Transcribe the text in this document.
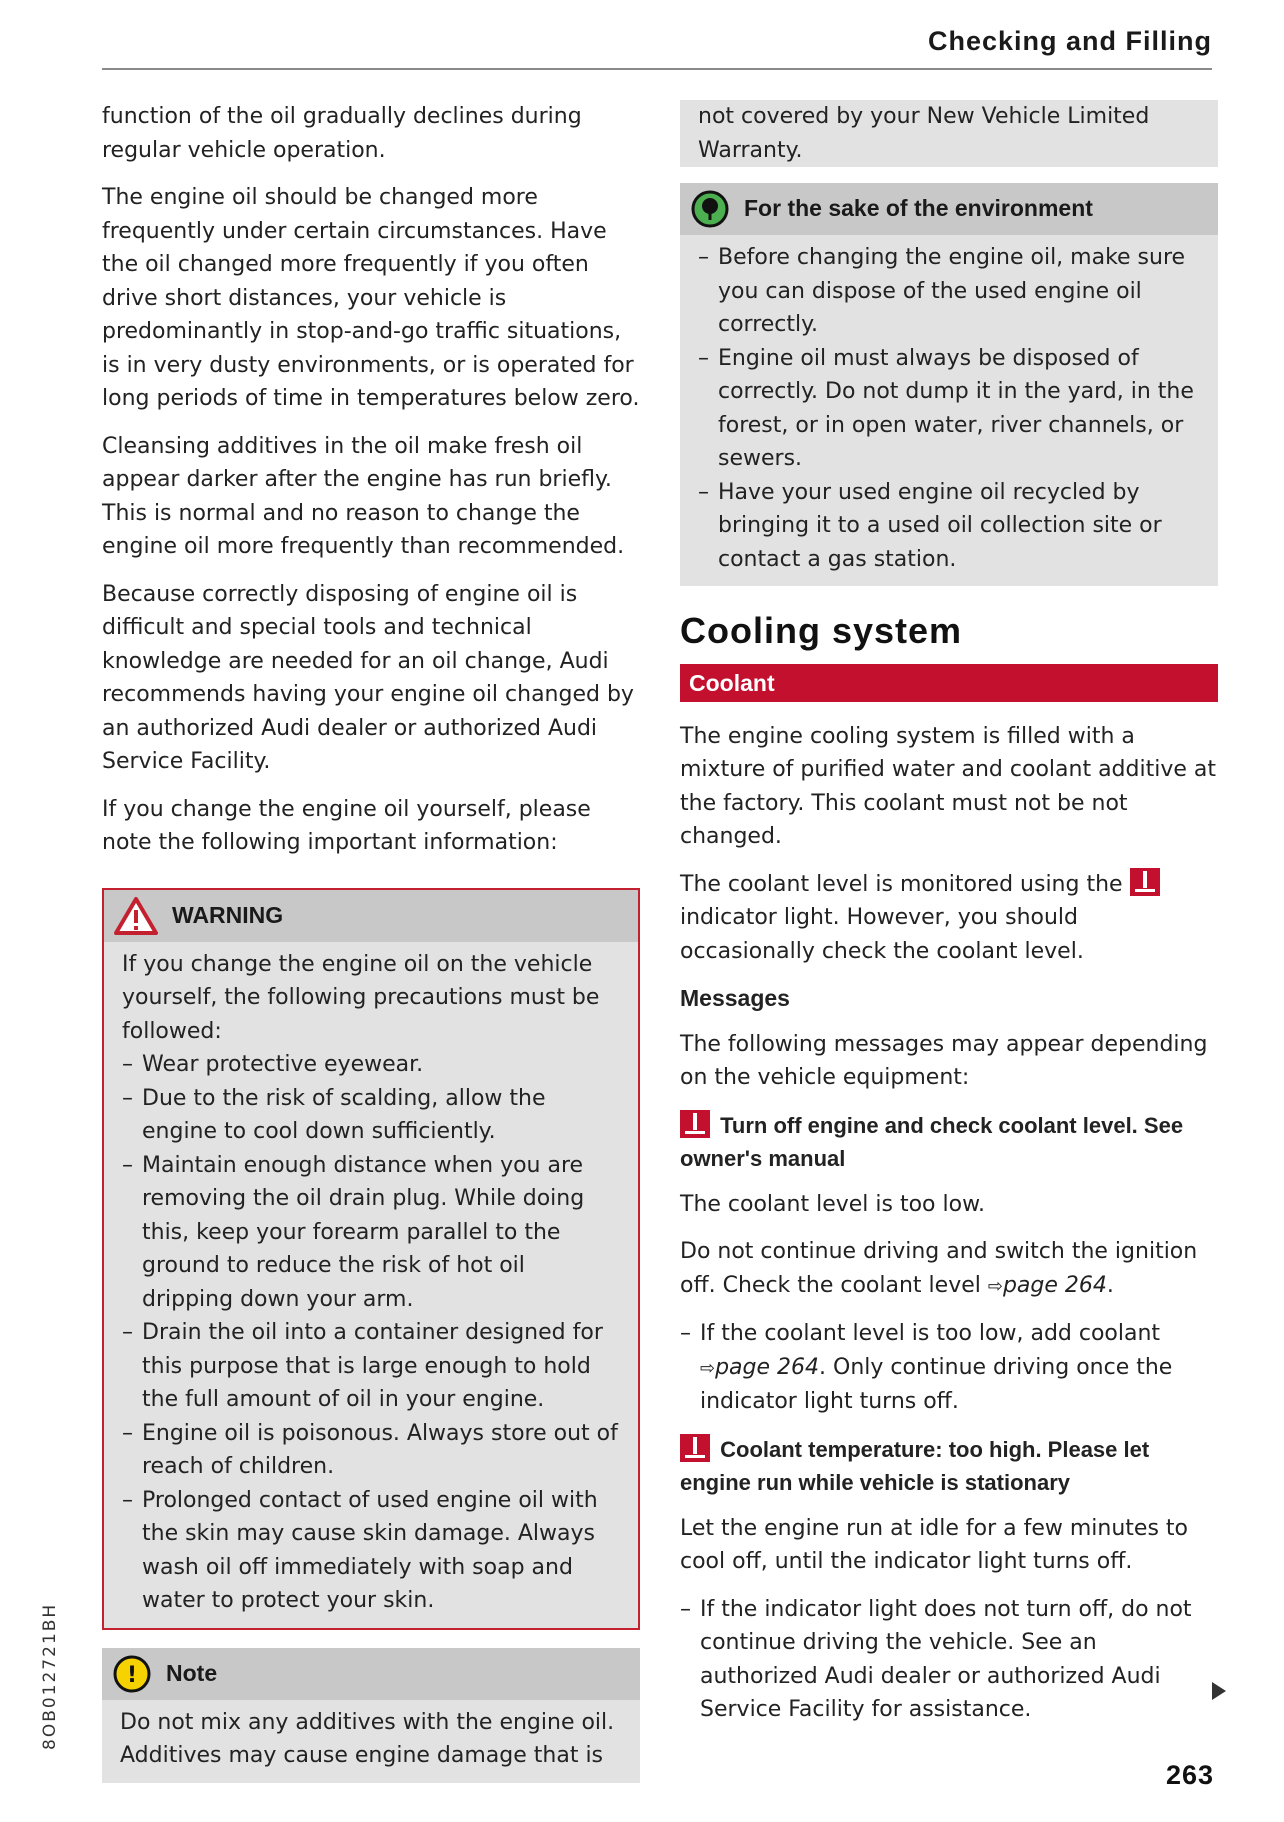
Checking and Filling
8OB012721BH

function of the oil gradually declines during regular vehicle operation.

The engine oil should be changed more frequently under certain circumstances. Have the oil changed more frequently if you often drive short distances, your vehicle is predominantly in stop-and-go traffic situations, is in very dusty environments, or is operated for long periods of time in temperatures below zero.

Cleansing additives in the oil make fresh oil appear darker after the engine has run briefly. This is normal and no reason to change the engine oil more frequently than recommended.

Because correctly disposing of engine oil is difficult and special tools and technical knowledge are needed for an oil change, Audi recommends having your engine oil changed by an authorized Audi dealer or authorized Audi Service Facility.

If you change the engine oil yourself, please note the following important information:

WARNING
If you change the engine oil on the vehicle yourself, the following precautions must be followed:
– Wear protective eyewear.
– Due to the risk of scalding, allow the engine to cool down sufficiently.
– Maintain enough distance when you are removing the oil drain plug. While doing this, keep your forearm parallel to the ground to reduce the risk of hot oil dripping down your arm.
– Drain the oil into a container designed for this purpose that is large enough to hold the full amount of oil in your engine.
– Engine oil is poisonous. Always store out of reach of children.
– Prolonged contact of used engine oil with the skin may cause skin damage. Always wash oil off immediately with soap and water to protect your skin.
! Note
Do not mix any additives with the engine oil. Additives may cause engine damage that is
not covered by your New Vehicle Limited Warranty.
For the sake of the environment
– Before changing the engine oil, make sure you can dispose of the used engine oil correctly.
– Engine oil must always be disposed of correctly. Do not dump it in the yard, in the forest, or in open water, river channels, or sewers.
– Have your used engine oil recycled by bringing it to a used oil collection site or contact a gas station.
Cooling system
Coolant

The engine cooling system is filled with a mixture of purified water and coolant additive at the factory. This coolant must not be not changed.

The coolant level is monitored using the  indicator light. However, you should occasionally check the coolant level.

Messages

The following messages may appear depending on the vehicle equipment:

Turn off engine and check coolant level. See owner's manual

The coolant level is too low.

Do not continue driving and switch the ignition off. Check the coolant level ⇨page 264.

– If the coolant level is too low, add coolant ⇨page 264. Only continue driving once the indicator light turns off.
Coolant temperature: too high. Please let engine run while vehicle is stationary

Let the engine run at idle for a few minutes to cool off, until the indicator light turns off.

– If the indicator light does not turn off, do not continue driving the vehicle. See an authorized Audi dealer or authorized Audi Service Facility for assistance.
263
